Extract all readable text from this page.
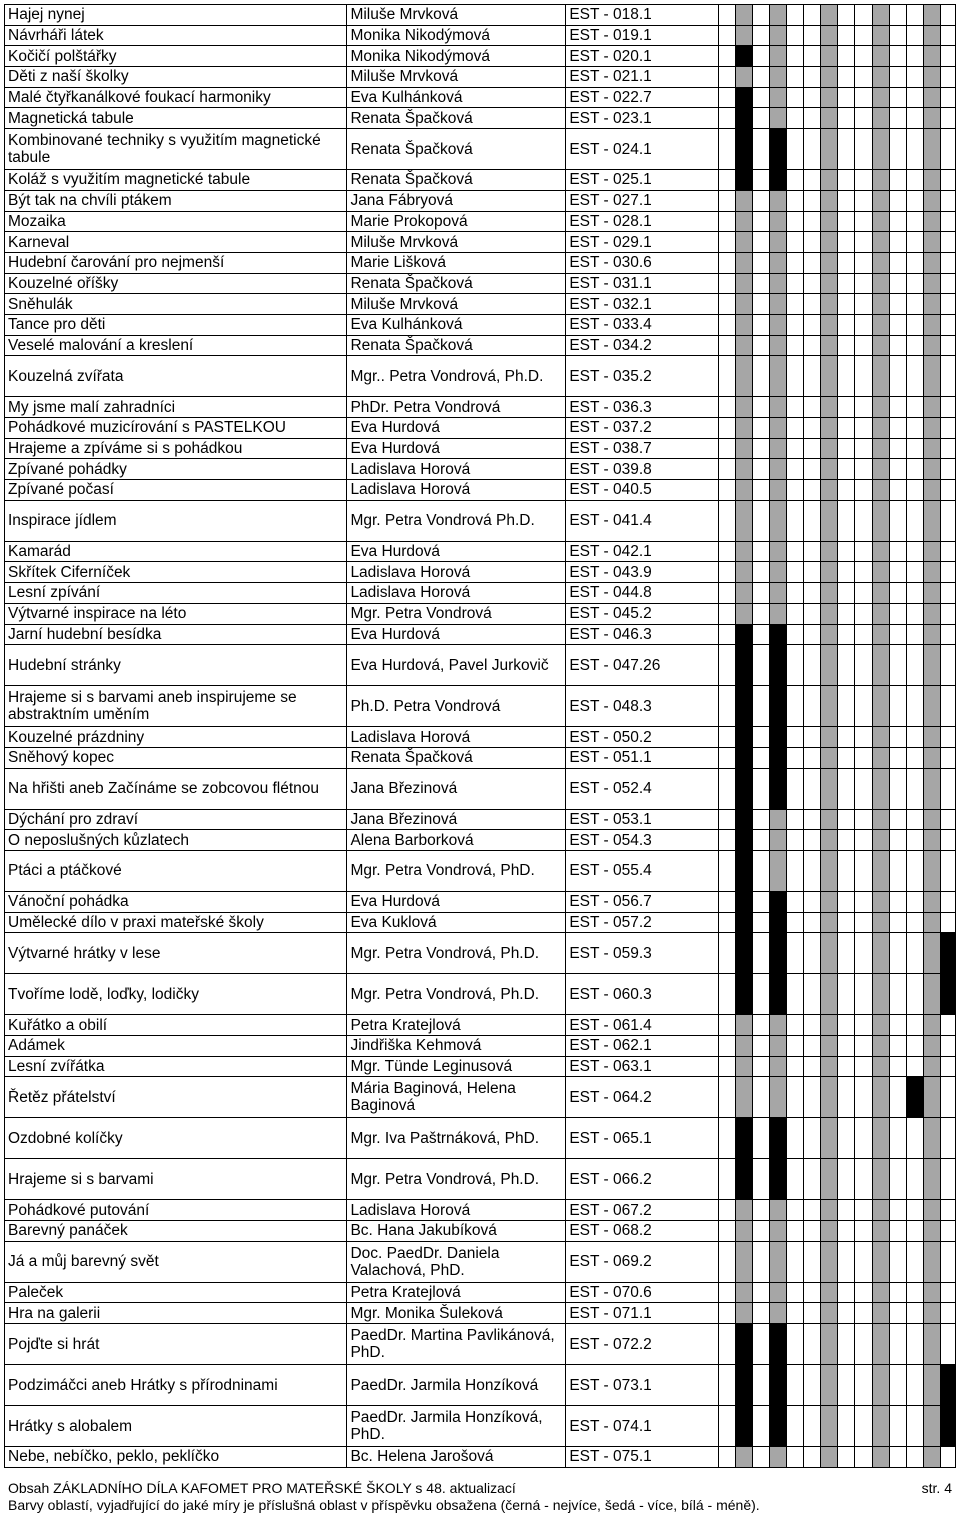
Hajej nynej	Miluše Mrvková	EST - 018.1														
Návrháři látek	Monika Nikodýmová	EST - 019.1														
Kočičí polštářky	Monika Nikodýmová	EST - 020.1														
Děti z naší školky	Miluše Mrvková	EST - 021.1														
Malé čtyřkanálkové foukací harmoniky	Eva Kulhánková	EST - 022.7														
Magnetická tabule	Renata Špačková	EST - 023.1														
Kombinované techniky s využitím magnetické tabule	Renata Špačková	EST - 024.1														
Koláž s využitím magnetické tabule	Renata Špačková	EST - 025.1														
Být tak na chvíli ptákem	Jana Fábryová	EST - 027.1														
Mozaika	Marie Prokopová	EST - 028.1														
Karneval	Miluše Mrvková	EST - 029.1														
Hudební čarování pro nejmenší	Marie Lišková	EST - 030.6														
Kouzelné oříšky	Renata Špačková	EST - 031.1														
Sněhulák	Miluše Mrvková	EST - 032.1														
Tance pro děti	Eva Kulhánková	EST - 033.4														
Veselé malování a kreslení	Renata Špačková	EST - 034.2														
Kouzelná zvířata	Mgr.. Petra Vondrová, Ph.D.	EST - 035.2														
My jsme malí zahradníci	PhDr. Petra Vondrová	EST - 036.3														
Pohádkové muzicírování s PASTELKOU	Eva Hurdová	EST - 037.2														
Hrajeme a zpíváme si s pohádkou	Eva Hurdová	EST - 038.7														
Zpívané pohádky	Ladislava Horová	EST - 039.8														
Zpívané počasí	Ladislava Horová	EST - 040.5														
Inspirace jídlem	Mgr. Petra Vondrová Ph.D.	EST - 041.4														
Kamarád	Eva Hurdová	EST - 042.1														
Skřítek Ciferníček	Ladislava Horová	EST - 043.9														
Lesní zpívání	Ladislava Horová	EST - 044.8														
Výtvarné inspirace na léto	Mgr. Petra Vondrová	EST - 045.2														
Jarní hudební besídka	Eva Hurdová	EST - 046.3														
Hudební stránky	Eva Hurdová, Pavel Jurkovič	EST - 047.26														
Hrajeme si s barvami aneb inspirujeme se abstraktním uměním	Ph.D. Petra Vondrová	EST - 048.3														
Kouzelné prázdniny	Ladislava Horová	EST - 050.2														
Sněhový kopec	Renata Špačková	EST - 051.1														
Na hřišti aneb Začínáme se zobcovou flétnou	Jana Březinová	EST - 052.4														
Dýchání pro zdraví	Jana Březinová	EST - 053.1														
O neposlušných kůzlatech	Alena Barborková	EST - 054.3														
Ptáci a ptáčkové	Mgr. Petra Vondrová, PhD.	EST - 055.4														
Vánoční pohádka	Eva Hurdová	EST - 056.7														
Umělecké dílo v praxi mateřské školy	Eva Kuklová	EST - 057.2														
Výtvarné hrátky v lese	Mgr. Petra Vondrová, Ph.D.	EST - 059.3														
Tvoříme lodě, loďky, lodičky	Mgr. Petra Vondrová, Ph.D.	EST - 060.3														
Kuřátko a obilí	Petra Kratejlová	EST - 061.4														
Adámek	Jindřiška Kehmová	EST - 062.1														
Lesní zvířátka	Mgr. Tünde Leginusová	EST - 063.1														
Řetěz přátelství	Mária Baginová, Helena Baginová	EST - 064.2														
Ozdobné kolíčky	Mgr. Iva Paštrnáková, PhD.	EST - 065.1														
Hrajeme si s barvami	Mgr. Petra Vondrová, Ph.D.	EST - 066.2														
Pohádkové putování	Ladislava Horová	EST - 067.2														
Barevný panáček	Bc. Hana Jakubíková	EST - 068.2														
Já a můj barevný svět	Doc. PaedDr. Daniela Valachová, PhD.	EST - 069.2														
Paleček	Petra Kratejlová	EST - 070.6														
Hra na galerii	Mgr. Monika Šuleková	EST - 071.1														
Pojďte si hrát	PaedDr. Martina Pavlikánová, PhD.	EST - 072.2														
Podzimáčci aneb Hrátky s přírodninami	PaedDr. Jarmila Honzíková	EST - 073.1														
Hrátky s alobalem	PaedDr. Jarmila Honzíková, PhD.	EST - 074.1														
Nebe, nebíčko, peklo, peklíčko	Bc. Helena Jarošová	EST - 075.1														
Obsah ZÁKLADNÍHO DÍLA KAFOMET PRO MATEŘSKÉ ŠKOLY s 48. aktualizací	str. 4
Barvy oblastí, vyjadřující do jaké míry je příslušná oblast v příspěvku obsažena (černá - nejvíce, šedá - více, bílá - méně).
